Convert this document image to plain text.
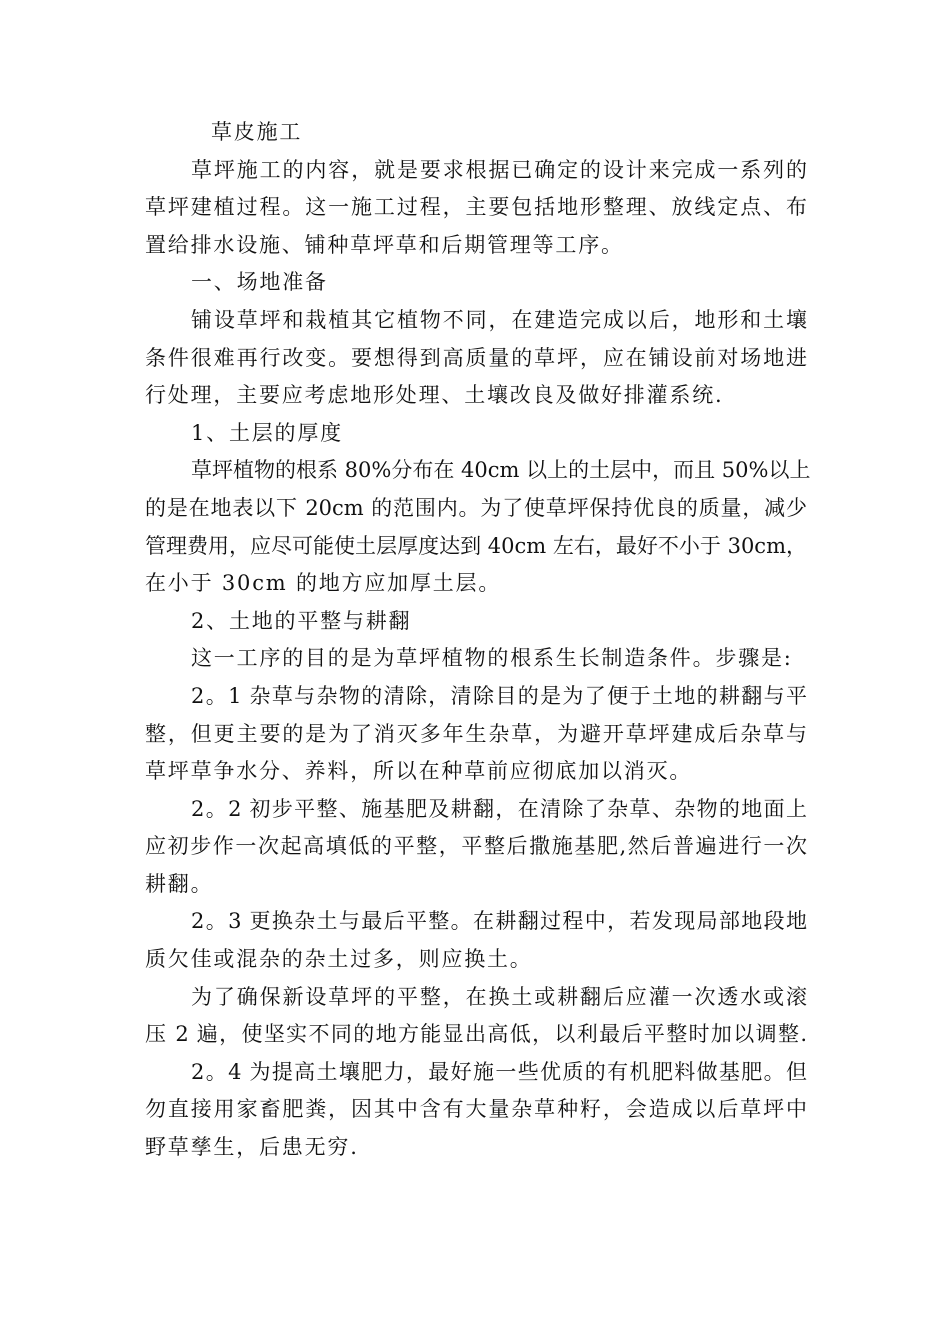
草皮施工
草坪施工的内容，就是要求根据已确定的设计来完成一系列的
草坪建植过程。这一施工过程，主要包括地形整理、放线定点、布
置给排水设施、铺种草坪草和后期管理等工序。
一、场地准备
铺设草坪和栽植其它植物不同，在建造完成以后，地形和土壤
条件很难再行改变。要想得到高质量的草坪，应在铺设前对场地进
行处理，主要应考虑地形处理、土壤改良及做好排灌系统.
1、土层的厚度
草坪植物的根系 80%分布在 40cm 以上的土层中，而且 50%以上
的是在地表以下 20cm 的范围内。为了使草坪保持优良的质量，减少
管理费用，应尽可能使土层厚度达到 40cm 左右，最好不小于 30cm，
在小于 30cm 的地方应加厚土层。
2、土地的平整与耕翻
这一工序的目的是为草坪植物的根系生长制造条件。步骤是:
2。1 杂草与杂物的清除，清除目的是为了便于土地的耕翻与平
整，但更主要的是为了消灭多年生杂草，为避开草坪建成后杂草与
草坪草争水分、养料，所以在种草前应彻底加以消灭。
2。2 初步平整、施基肥及耕翻，在清除了杂草、杂物的地面上
应初步作一次起高填低的平整，平整后撒施基肥,然后普遍进行一次
耕翻。
2。3 更换杂土与最后平整。在耕翻过程中，若发现局部地段地
质欠佳或混杂的杂土过多，则应换土。
为了确保新设草坪的平整，在换土或耕翻后应灌一次透水或滚
压 2 遍，使坚实不同的地方能显出高低，以利最后平整时加以调整.
2。4 为提高土壤肥力，最好施一些优质的有机肥料做基肥。但
勿直接用家畜肥粪，因其中含有大量杂草种籽，会造成以后草坪中
野草孳生，后患无穷.
